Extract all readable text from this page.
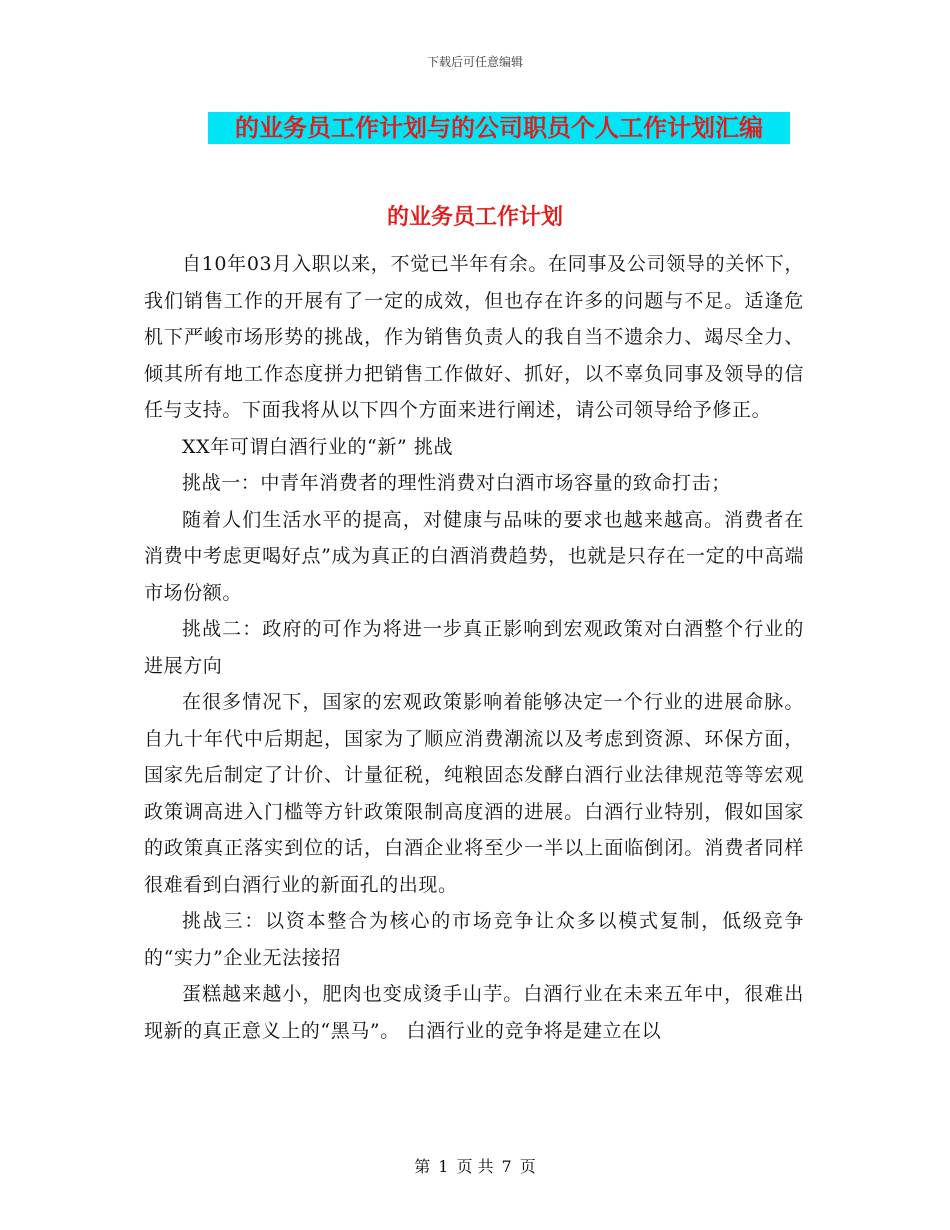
下载后可任意编辑
的业务员工作计划与的公司职员个人工作计划汇编
的业务员工作计划

自10年03月入职以来，不觉已半年有余。在同事及公司领导的关怀下，我们销售工作的开展有了一定的成效，但也存在许多的问题与不足。适逢危机下严峻市场形势的挑战，作为销售负责人的我自当不遗余力、竭尽全力、倾其所有地工作态度拼力把销售工作做好、抓好，以不辜负同事及领导的信任与支持。下面我将从以下四个方面来进行阐述，请公司领导给予修正。

XX年可谓白酒行业的“新” 挑战

挑战一：中青年消费者的理性消费对白酒市场容量的致命打击；

随着人们生活水平的提高，对健康与品味的要求也越来越高。消费者在消费中考虑更喝好点”成为真正的白酒消费趋势，也就是只存在一定的中高端市场份额。

挑战二：政府的可作为将进一步真正影响到宏观政策对白酒整个行业的进展方向

在很多情况下，国家的宏观政策影响着能够决定一个行业的进展命脉。自九十年代中后期起，国家为了顺应消费潮流以及考虑到资源、环保方面，国家先后制定了计价、计量征税，纯粮固态发酵白酒行业法律规范等等宏观政策调高进入门槛等方针政策限制高度酒的进展。白酒行业特别，假如国家的政策真正落实到位的话，白酒企业将至少一半以上面临倒闭。消费者同样很难看到白酒行业的新面孔的出现。

挑战三：以资本整合为核心的市场竞争让众多以模式复制，低级竞争的“实力”企业无法接招

蛋糕越来越小，肥肉也变成烫手山芋。白酒行业在未来五年中，很难出现新的真正意义上的“黑马”。 白酒行业的竞争将是建立在以

第 1 页 共 7 页
